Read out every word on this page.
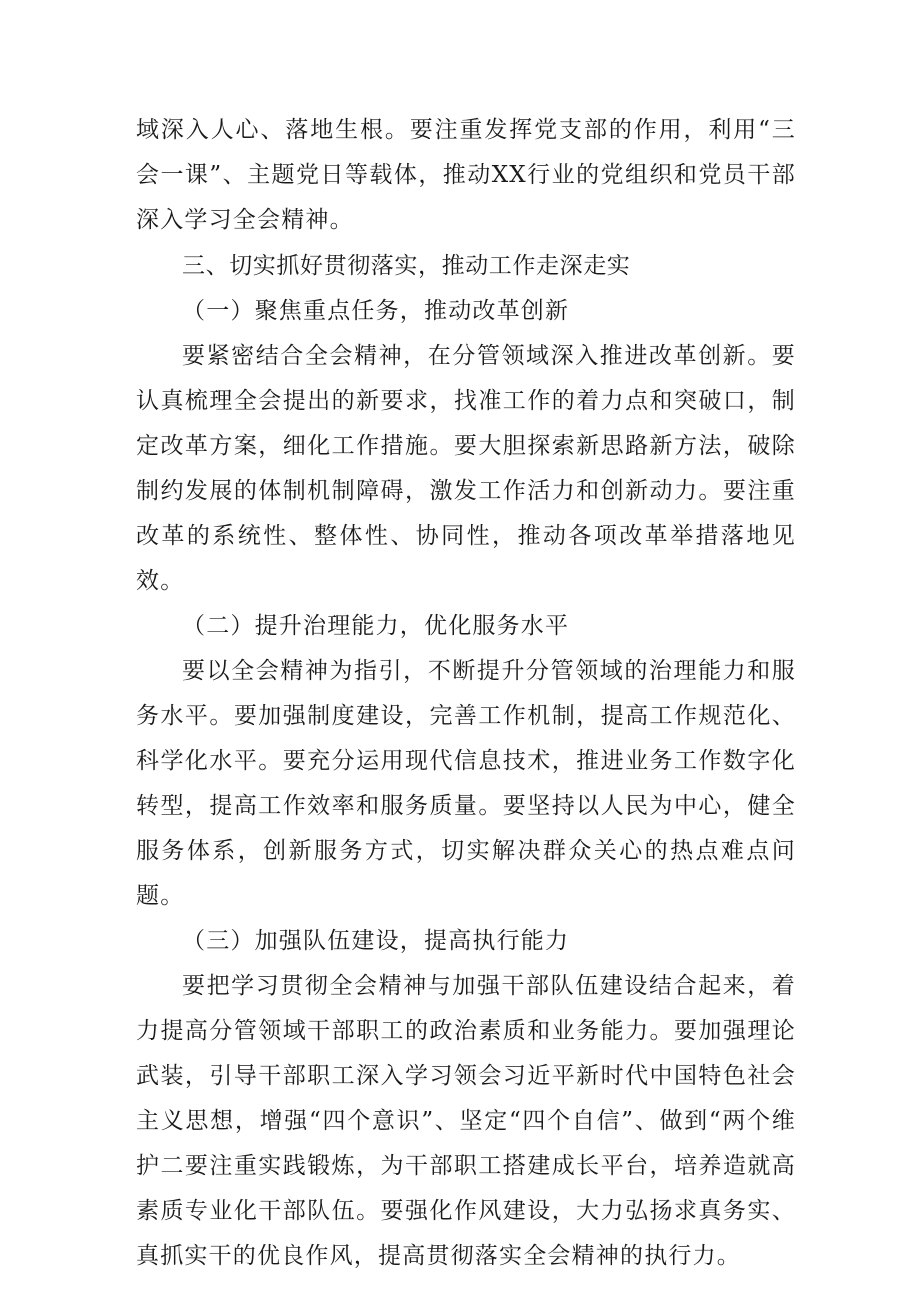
域深入人心、落地生根。要注重发挥党支部的作用，利用“三会一课”、主题党日等载体，推动XX行业的党组织和党员干部深入学习全会精神。

三、切实抓好贯彻落实，推动工作走深走实
（一）聚焦重点任务，推动改革创新

要紧密结合全会精神，在分管领域深入推进改革创新。要认真梳理全会提出的新要求，找准工作的着力点和突破口，制定改革方案，细化工作措施。要大胆探索新思路新方法，破除制约发展的体制机制障碍，激发工作活力和创新动力。要注重改革的系统性、整体性、协同性，推动各项改革举措落地见效。

（二）提升治理能力，优化服务水平

要以全会精神为指引，不断提升分管领域的治理能力和服务水平。要加强制度建设，完善工作机制，提高工作规范化、科学化水平。要充分运用现代信息技术，推进业务工作数字化转型，提高工作效率和服务质量。要坚持以人民为中心，健全服务体系，创新服务方式，切实解决群众关心的热点难点问题。

（三）加强队伍建设，提高执行能力

要把学习贯彻全会精神与加强干部队伍建设结合起来，着力提高分管领域干部职工的政治素质和业务能力。要加强理论武装，引导干部职工深入学习领会习近平新时代中国特色社会主义思想，增强“四个意识”、坚定“四个自信”、做到“两个维护二要注重实践锻炼，为干部职工搭建成长平台，培养造就高素质专业化干部队伍。要强化作风建设，大力弘扬求真务实、真抓实干的优良作风，提高贯彻落实全会精神的执行力。
